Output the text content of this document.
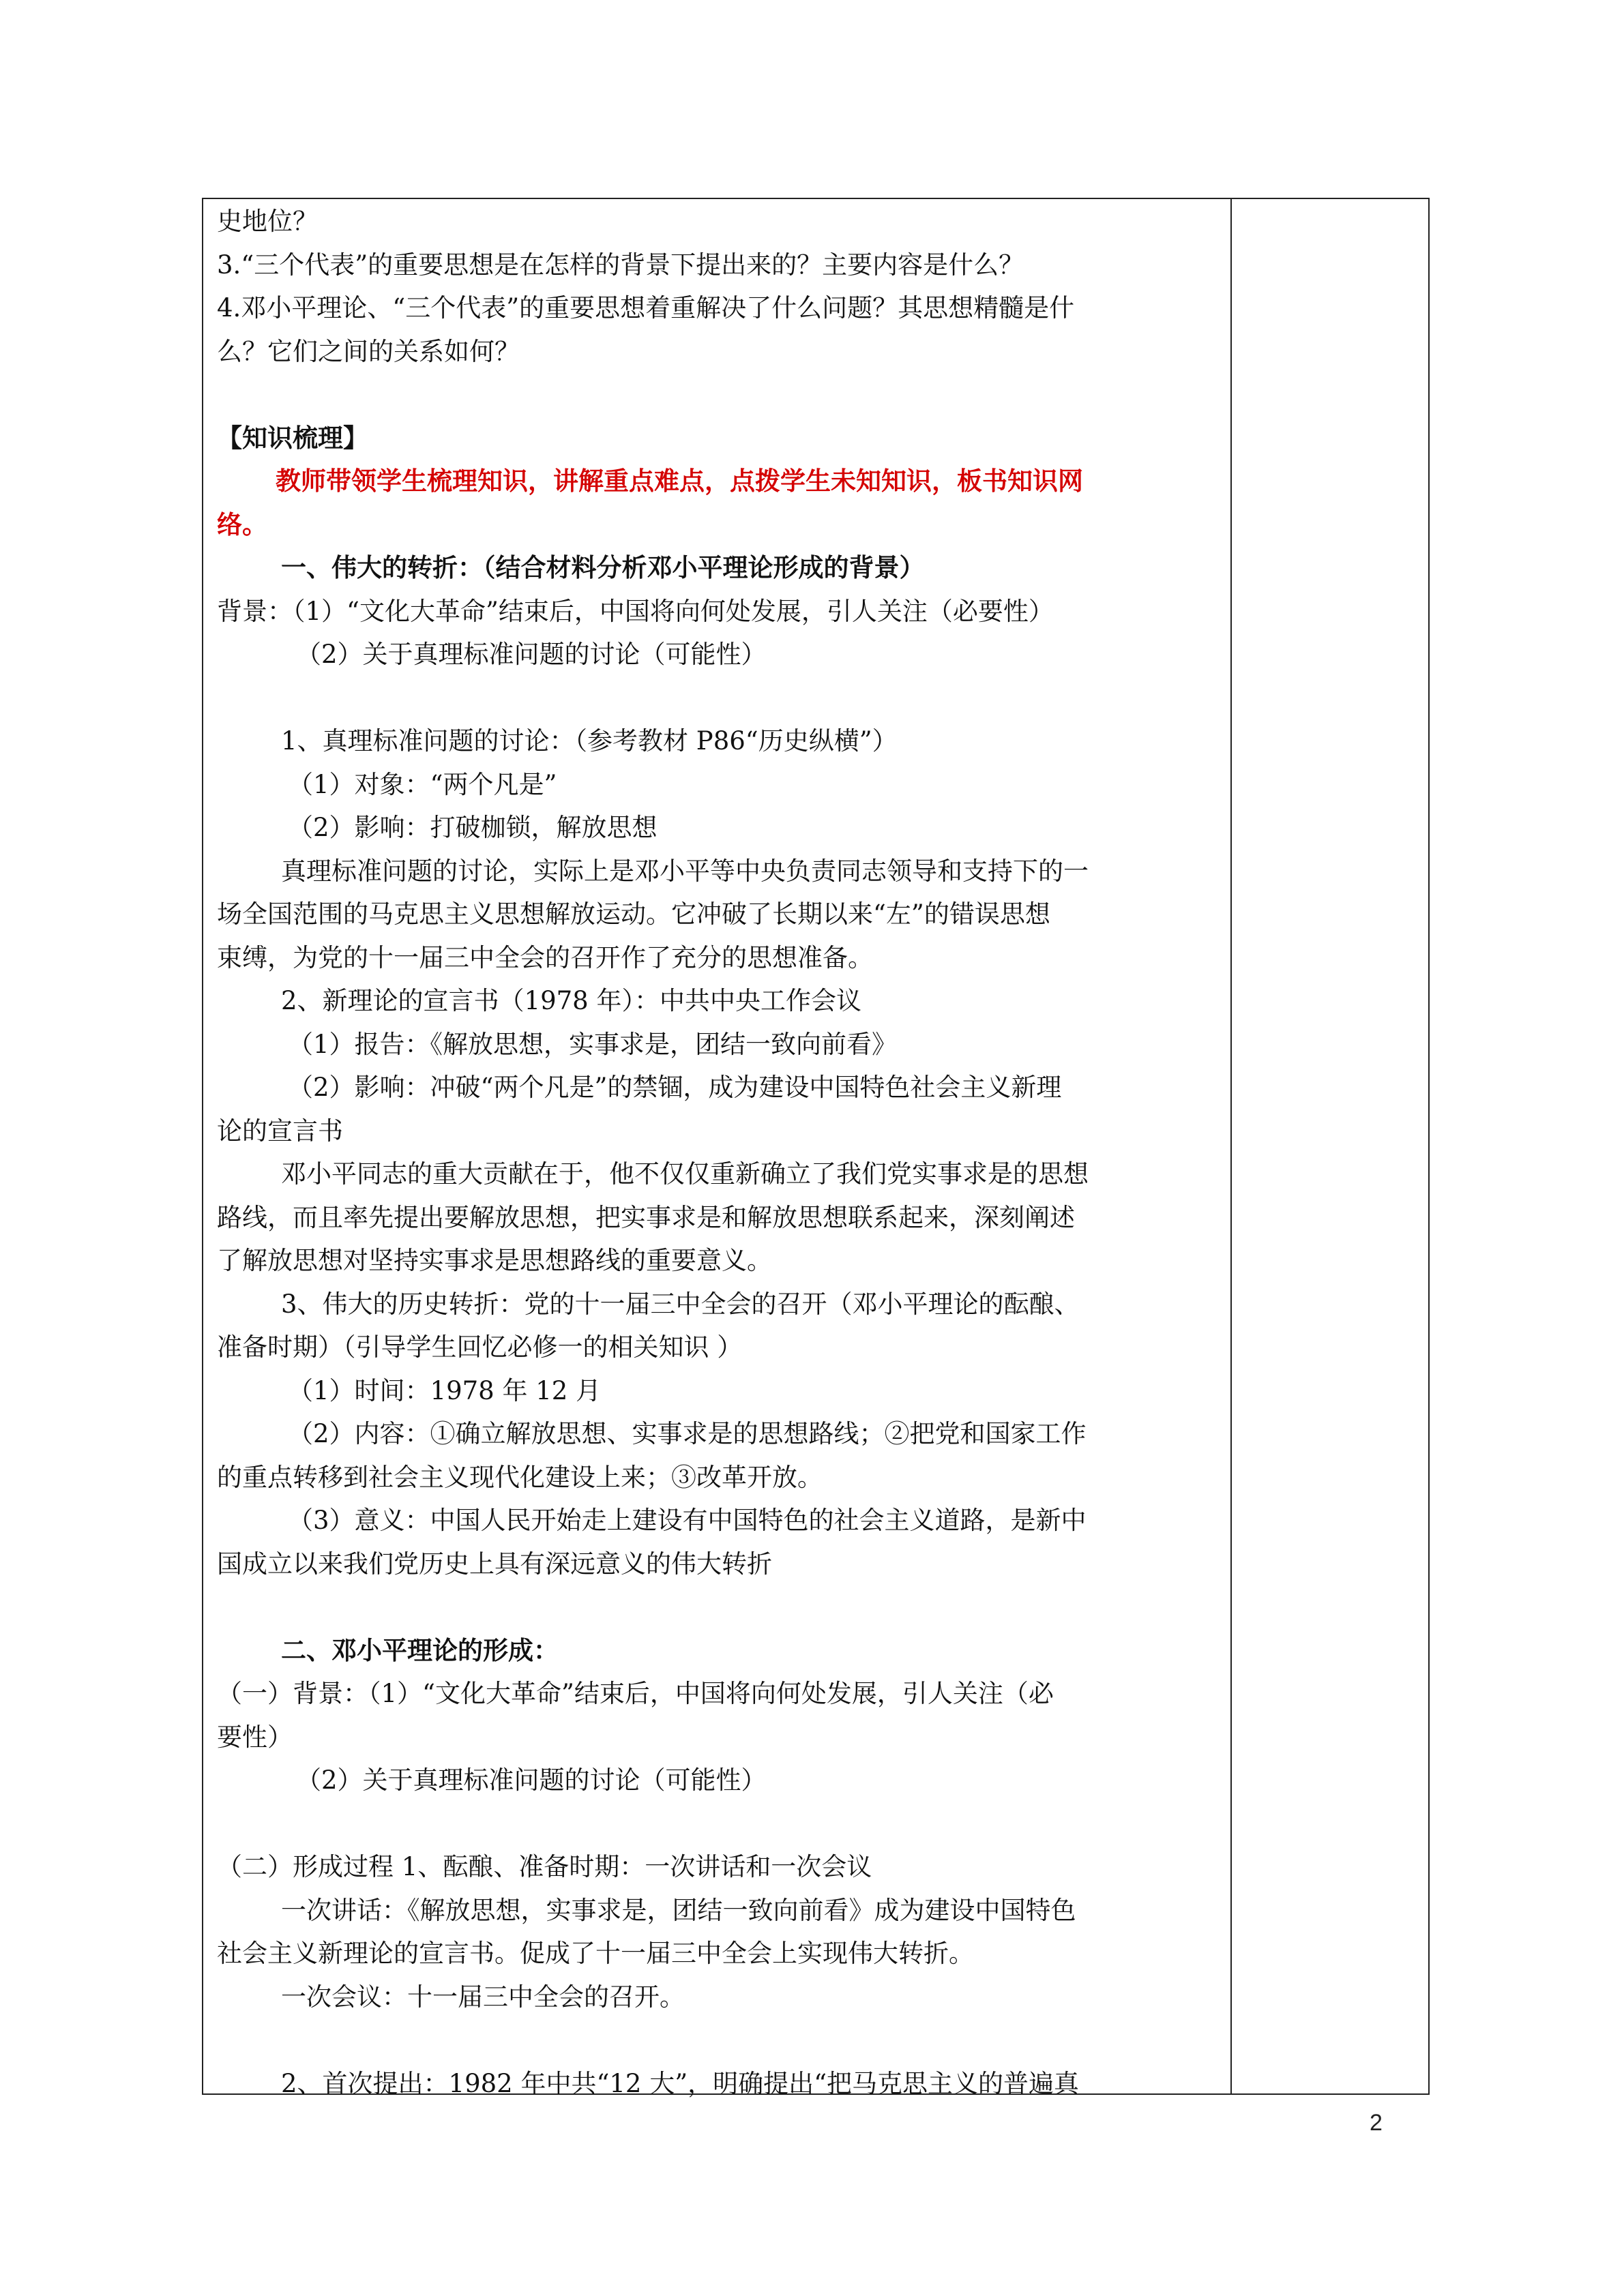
史地位？
3.“三个代表”的重要思想是在怎样的背景下提出来的？主要内容是什么？
4.邓小平理论、“三个代表”的重要思想着重解决了什么问题？其思想精髓是什
么？它们之间的关系如何？
【知识梳理】
教师带领学生梳理知识，讲解重点难点，点拨学生未知知识，板书知识网
络。
一、伟大的转折：（结合材料分析邓小平理论形成的背景）
背景：（1）“文化大革命”结束后，中国将向何处发展，引人关注（必要性）
（2）关于真理标准问题的讨论（可能性）
1、真理标准问题的讨论：（参考教材 P86“历史纵横”）
（1）对象：“两个凡是”
（2）影响：打破枷锁，解放思想
真理标准问题的讨论，实际上是邓小平等中央负责同志领导和支持下的一
场全国范围的马克思主义思想解放运动。它冲破了长期以来“左”的错误思想
束缚，为党的十一届三中全会的召开作了充分的思想准备。
2、新理论的宣言书（1978 年）：中共中央工作会议
（1）报告：《解放思想，实事求是，团结一致向前看》
（2）影响：冲破“两个凡是”的禁锢，成为建设中国特色社会主义新理
论的宣言书
邓小平同志的重大贡献在于，他不仅仅重新确立了我们党实事求是的思想
路线，而且率先提出要解放思想，把实事求是和解放思想联系起来，深刻阐述
了解放思想对坚持实事求是思想路线的重要意义。
3、伟大的历史转折：党的十一届三中全会的召开（邓小平理论的酝酿、
准备时期）（引导学生回忆必修一的相关知识 ）
（1）时间：1978 年 12 月
（2）内容：①确立解放思想、实事求是的思想路线；②把党和国家工作
的重点转移到社会主义现代化建设上来；③改革开放。
（3）意义：中国人民开始走上建设有中国特色的社会主义道路，是新中
国成立以来我们党历史上具有深远意义的伟大转折
二、邓小平理论的形成：
（一）背景：（1）“文化大革命”结束后，中国将向何处发展，引人关注（必
要性）
（2）关于真理标准问题的讨论（可能性）
（二）形成过程 1、酝酿、准备时期：一次讲话和一次会议
一次讲话：《解放思想，实事求是，团结一致向前看》成为建设中国特色
社会主义新理论的宣言书。促成了十一届三中全会上实现伟大转折。
一次会议：十一届三中全会的召开。
2、首次提出：1982 年中共“12 大”，明确提出“把马克思主义的普遍真
2
